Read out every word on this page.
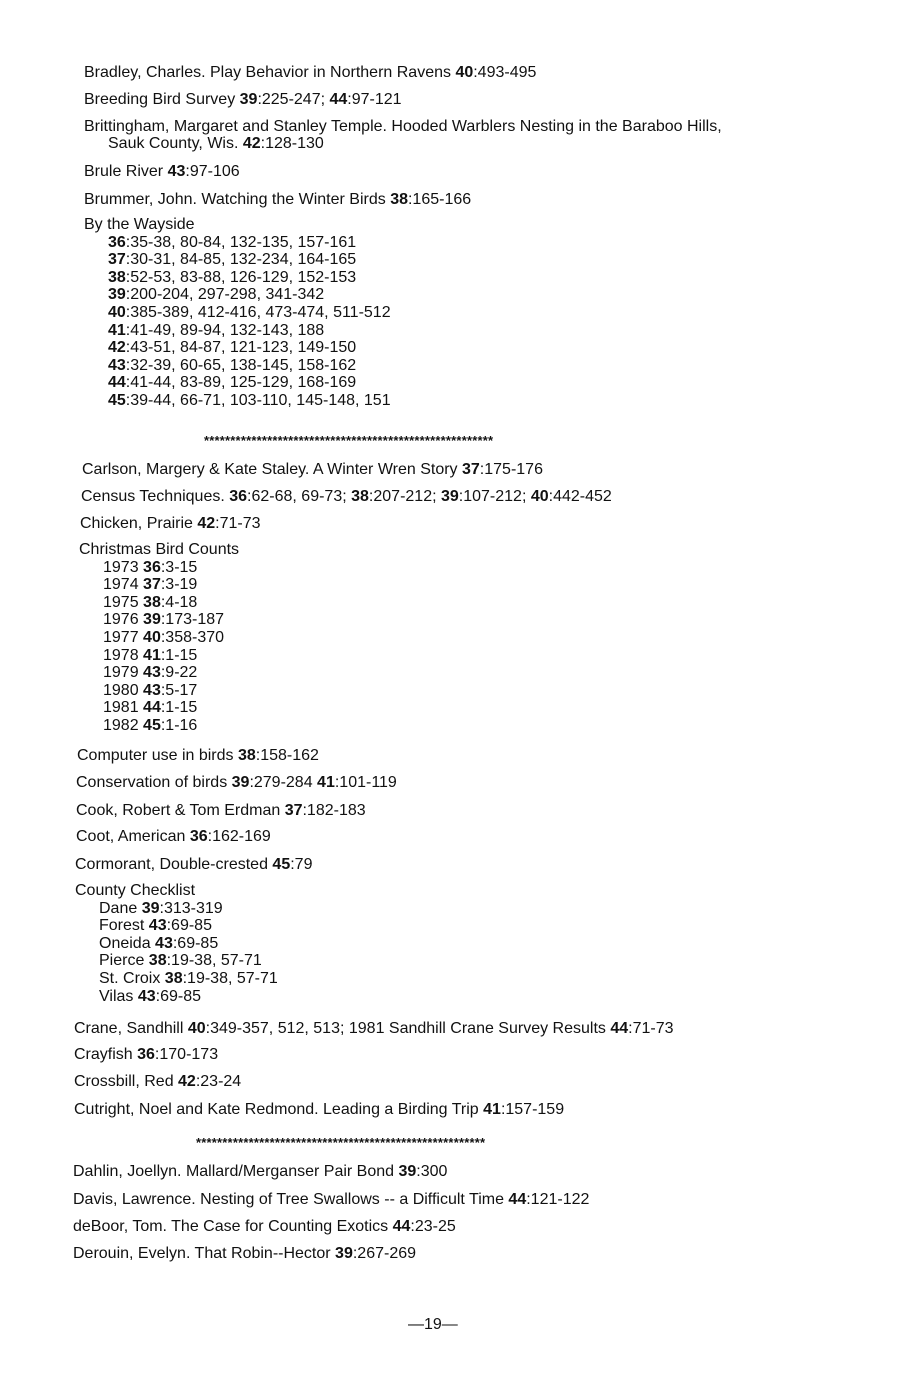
Bradley, Charles. Play Behavior in Northern Ravens 40:493-495
Breeding Bird Survey 39:225-247; 44:97-121
Brittingham, Margaret and Stanley Temple. Hooded Warblers Nesting in the Baraboo Hills,
Sauk County, Wis. 42:128-130
Brule River 43:97-106
Brummer, John. Watching the Winter Birds 38:165-166
By the Wayside
36:35-38, 80-84, 132-135, 157-161
37:30-31, 84-85, 132-234, 164-165
38:52-53, 83-88, 126-129, 152-153
39:200-204, 297-298, 341-342
40:385-389, 412-416, 473-474, 511-512
41:41-49, 89-94, 132-143, 188
42:43-51, 84-87, 121-123, 149-150
43:32-39, 60-65, 138-145, 158-162
44:41-44, 83-89, 125-129, 168-169
45:39-44, 66-71, 103-110, 145-148, 151
*******************************************************
Carlson, Margery & Kate Staley. A Winter Wren Story 37:175-176
Census Techniques. 36:62-68, 69-73; 38:207-212; 39:107-212; 40:442-452
Chicken, Prairie 42:71-73
Christmas Bird Counts
1973 36:3-15
1974 37:3-19
1975 38:4-18
1976 39:173-187
1977 40:358-370
1978 41:1-15
1979 43:9-22
1980 43:5-17
1981 44:1-15
1982 45:1-16
Computer use in birds 38:158-162
Conservation of birds 39:279-284 41:101-119
Cook, Robert & Tom Erdman 37:182-183
Coot, American 36:162-169
Cormorant, Double-crested 45:79
County Checklist
Dane 39:313-319
Forest 43:69-85
Oneida 43:69-85
Pierce 38:19-38, 57-71
St. Croix 38:19-38, 57-71
Vilas 43:69-85
Crane, Sandhill 40:349-357, 512, 513; 1981 Sandhill Crane Survey Results 44:71-73
Crayfish 36:170-173
Crossbill, Red 42:23-24
Cutright, Noel and Kate Redmond. Leading a Birding Trip 41:157-159
*******************************************************
Dahlin, Joellyn. Mallard/Merganser Pair Bond 39:300
Davis, Lawrence. Nesting of Tree Swallows -- a Difficult Time 44:121-122
deBoor, Tom. The Case for Counting Exotics 44:23-25
Derouin, Evelyn. That Robin--Hector 39:267-269
—19—
